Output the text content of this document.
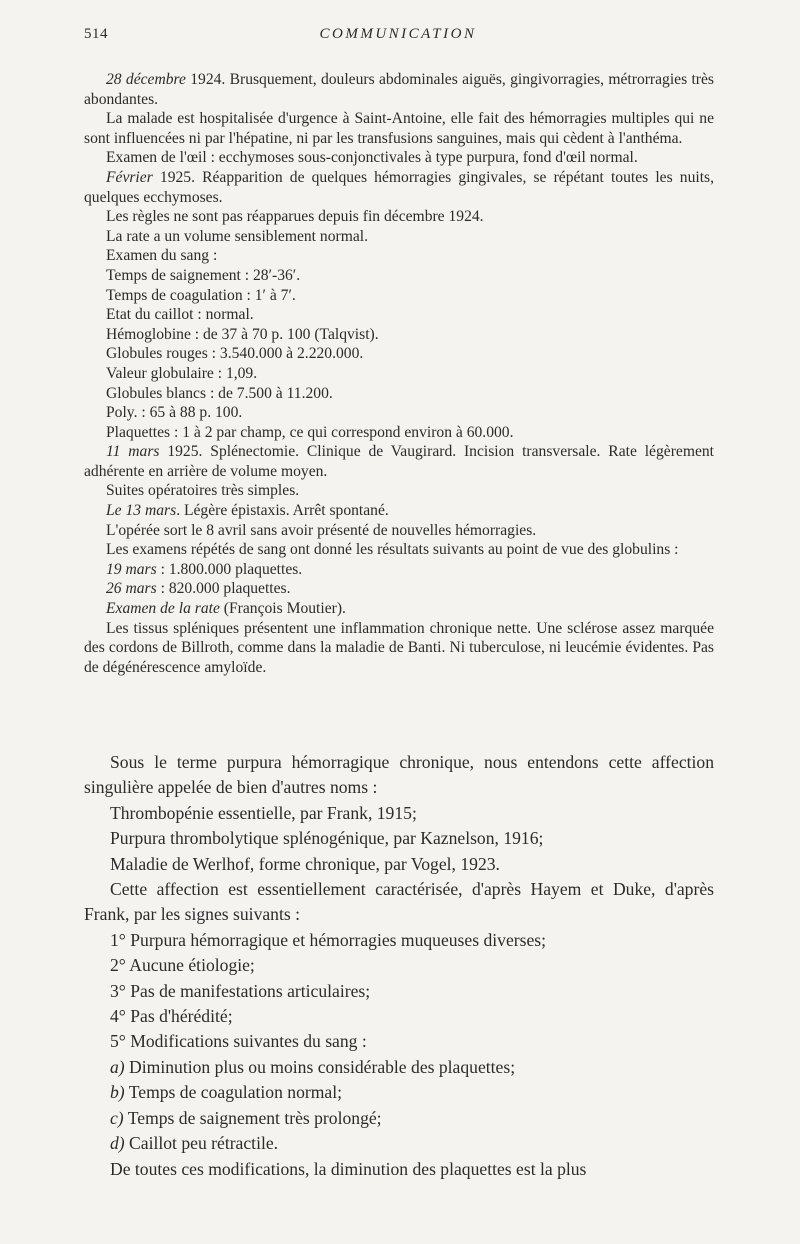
514	COMMUNICATION

28 décembre 1924. Brusquement, douleurs abdominales aiguës, gingivorragies, métrorragies très abondantes.

La malade est hospitalisée d'urgence à Saint-Antoine, elle fait des hémorragies multiples qui ne sont influencées ni par l'hépatine, ni par les transfusions sanguines, mais qui cèdent à l'anthéma.

Examen de l'œil : ecchymoses sous-conjonctivales à type purpura, fond d'œil normal.

Février 1925. Réapparition de quelques hémorragies gingivales, se répétant toutes les nuits, quelques ecchymoses.

Les règles ne sont pas réapparues depuis fin décembre 1924.
La rate a un volume sensiblement normal.
Examen du sang :
Temps de saignement : 28′-36′.
Temps de coagulation : 1′ à 7′.
Etat du caillot : normal.
Hémoglobine : de 37 à 70 p. 100 (Talqvist).
Globules rouges : 3.540.000 à 2.220.000.
Valeur globulaire : 1,09.
Globules blancs : de 7.500 à 11.200.
Poly. : 65 à 88 p. 100.
Plaquettes : 1 à 2 par champ, ce qui correspond environ à 60.000.

11 mars 1925. Splénectomie. Clinique de Vaugirard. Incision transversale. Rate légèrement adhérente en arrière de volume moyen.

Suites opératoires très simples.

Le 13 mars. Légère épistaxis. Arrêt spontané.

L'opérée sort le 8 avril sans avoir présenté de nouvelles hémorragies.

Les examens répétés de sang ont donné les résultats suivants au point de vue des globulins :

19 mars : 1.800.000 plaquettes.

26 mars : 820.000 plaquettes.

Examen de la rate (François Moutier).

Les tissus spléniques présentent une inflammation chronique nette. Une sclérose assez marquée des cordons de Billroth, comme dans la maladie de Banti. Ni tuberculose, ni leucémie évidentes. Pas de dégénérescence amyloïde.

Sous le terme purpura hémorragique chronique, nous entendons cette affection singulière appelée de bien d'autres noms :

Thrombopénie essentielle, par Frank, 1915;
Purpura thrombolytique splénogénique, par Kaznelson, 1916;
Maladie de Werlhof, forme chronique, par Vogel, 1923.

Cette affection est essentiellement caractérisée, d'après Hayem et Duke, d'après Frank, par les signes suivants :

1° Purpura hémorragique et hémorragies muqueuses diverses;
2° Aucune étiologie;
3° Pas de manifestations articulaires;
4° Pas d'hérédité;
5° Modifications suivantes du sang :
a) Diminution plus ou moins considérable des plaquettes;
b) Temps de coagulation normal;
c) Temps de saignement très prolongé;
d) Caillot peu rétractile.
De toutes ces modifications, la diminution des plaquettes est la plus
